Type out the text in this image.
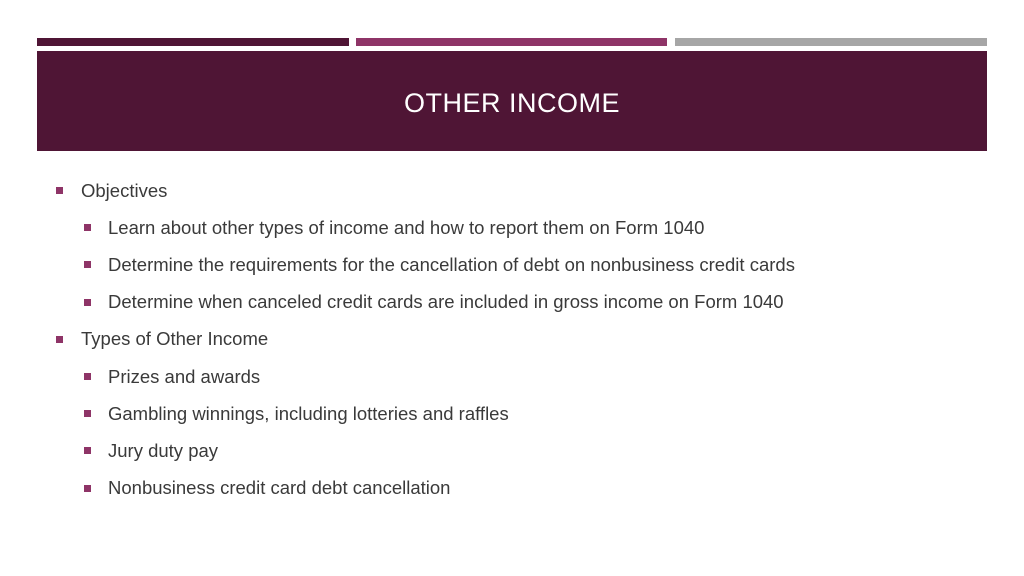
OTHER INCOME
Objectives
Learn about other types of income and how to report them on Form 1040
Determine the requirements for the cancellation of debt on nonbusiness credit cards
Determine when canceled credit cards are included in gross income on Form 1040
Types of Other Income
Prizes and awards
Gambling winnings, including lotteries and raffles
Jury duty pay
Nonbusiness credit card debt cancellation
